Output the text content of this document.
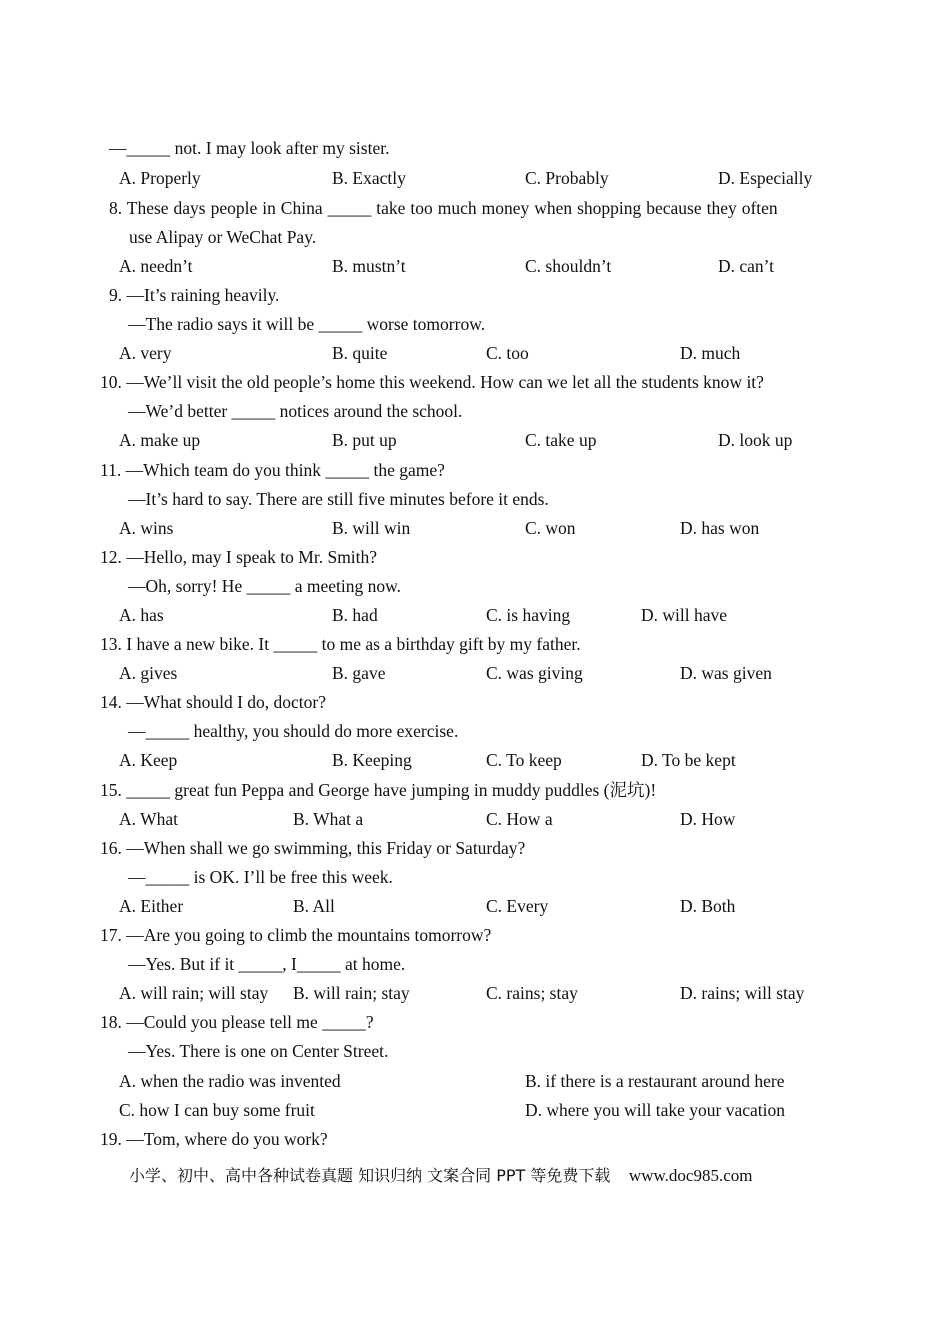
—_____ not. I may look after my sister.
A. Properly	B. Exactly	C. Probably	D. Especially
8. These days people in China _____ take too much money when shopping because they often
use Alipay or WeChat Pay.
A. needn’t	B. mustn’t	C. shouldn’t	D. can’t
9. —It’s raining heavily.
—The radio says it will be _____ worse tomorrow.
A. very	B. quite	C. too	D. much
10. —We’ll visit the old people’s home this weekend. How can we let all the students know it?
—We’d better _____ notices around the school.
A. make up	B. put up	C. take up	D. look up
11. —Which team do you think _____ the game?
—It’s hard to say. There are still five minutes before it ends.
A. wins	B. will win	C. won	D. has won
12. —Hello, may I speak to Mr. Smith?
—Oh, sorry! He _____ a meeting now.
A. has	B. had	C. is having	D. will have
13. I have a new bike. It _____ to me as a birthday gift by my father.
A. gives	B. gave	C. was giving	D. was given
14. —What should I do, doctor?
—_____ healthy, you should do more exercise.
A. Keep	B. Keeping	C. To keep	D. To be kept
15. _____ great fun Peppa and George have jumping in muddy puddles (泥坑)!
A. What	B. What a	C. How a	D. How
16. —When shall we go swimming, this Friday or Saturday?
—_____ is OK. I’ll be free this week.
A. Either	B. All	C. Every	D. Both
17. —Are you going to climb the mountains tomorrow?
—Yes. But if it _____, I_____ at home.
A. will rain; will stay B. will rain; stay	C. rains; stay	D. rains; will stay
18. —Could you please tell me _____?
—Yes. There is one on Center Street.
A. when the radio was invented	B. if there is a restaurant around here
C. how I can buy some fruit	D. where you will take your vacation
19. —Tom, where do you work?
小学、初中、高中各种试卷真题 知识归纳 文案合同 PPT 等免费下载 www.doc985.com
